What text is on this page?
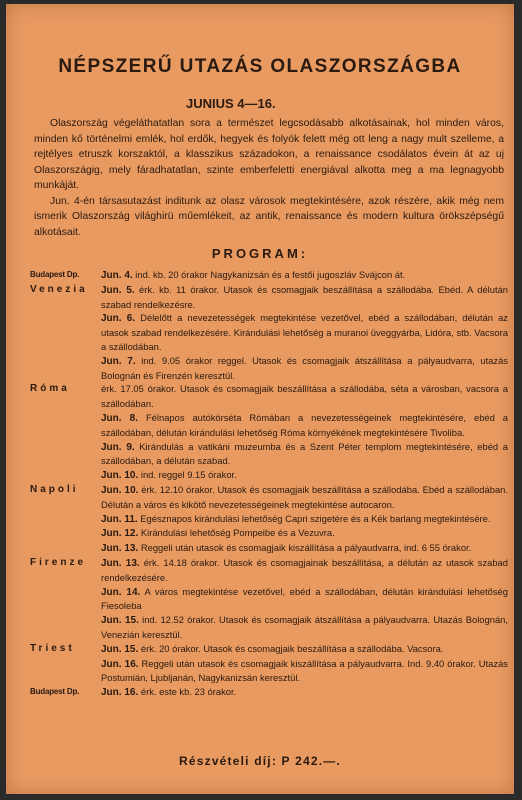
NÉPSZERŰ UTAZÁS OLASZORSZÁGBA
JUNIUS 4—16.

Olaszország végeláthatatlan sora a természet legcsodásabb alkotásainak, hol minden város, minden kő történelmi emlék, hol erdők, hegyek és folyók felett még ott leng a nagy mult szelleme, a rejtélyes etruszk korszaktól, a klasszikus századokon, a renaissance csodálatos évein át az uj Olaszországig, mely fáradhatatlan, szinte emberfeletti energiával alkotta meg a ma legnagyobb munkáját.

Jun. 4-én társasutazást inditunk az olasz városok megtekintésére, azok részére, akik még nem ismerik Olaszország világhirü műemlékeit, az antik, renaissance és modern kultura örökszépségű alkotásait.

PROGRAM:
Budapest Dp.	Jun. 4. ind. kb. 20 órakor Nagykanizsán és a festői jugoszláv Svájcon át.

Venezia	Jun. 5. érk. kb. 11 órakor. Utasok és csomagjaik beszállítása a szállodába. Ebéd. A délután szabad rendelkezésre.

Jun. 6. Délelőtt a nevezetességek megtekintése vezetővel, ebéd a szállodában, délután az utasok szabad rendelkezésére. Kirándulási lehetőség a muranoi üveggyárba, Lidóra, stb. Vacsora a szállodában.

Jun. 7. ind. 9.05 órakor reggel. Utasok és csomagjaik átszállítása a pályaudvarra, utazás Bolognán és Firenzén keresztül.

Róma	érk. 17.05 órakor. Utasok és csomagjaik beszállítása a szállodába, séta a városban, vacsora a szállodában.

Jun. 8. Félnapos autókörséta Rómában a nevezetességeinek megtekintésére, ebéd a szállodában, délután kirándulási lehetőség Róma környékének megtekintésére Tivoliba.

Jun. 9. Kirándulás a vatikáni muzeumba és a Szent Péter templom megtekintésére, ebéd a szállodában, a délután szabad.

Jun. 10. ind. reggel 9.15 órakor.

Napoli	Jun. 10. érk. 12.10 órakor. Utasok és csomagjaik beszállítása a szállodába. Ebéd a szállodában. Délután a város és kikötő nevezetességeinek megtekintése autocaron.

Jun. 11. Egésznapos kirándulási lehetőség Capri szigetére és a Kék barlang megtekintésére.

Jun. 12. Kirándulási lehetőség Pompeibe és a Vezuvra.

Jun. 13. Reggeli után utasok és csomagjaik kiszállítása a pályaudvarra, ind. 6 55 órakor.

Firenze	Jun. 13. érk. 14.18 órakor. Utasok és csomagjainak beszállítása, a délután az utasok szabad rendelkezésére.

Jun. 14. A város megtekintése vezetővel, ebéd a szállodában, délután kirándulási lehetőség Fiesoleba

Jun. 15. ind. 12.52 órakor. Utasok és csomagjaik átszállítása a pályaudvarra. Utazás Bolognán, Venezián keresztül.

Triest	Jun. 15. érk. 20 órakor. Utasok és csomagjaik beszállítása a szállodába. Vacsora.

Jun. 16. Reggeli után utasok és csomagjaik kiszállítása a pályaudvarra. Ind. 9.40 órakor. Utazás Postumián, Ljubljanán, Nagykanizsán keresztül.

Budapest Dp.	Jun. 16. érk. este kb. 23 órakor.

Részvételi díj: P 242.—.
